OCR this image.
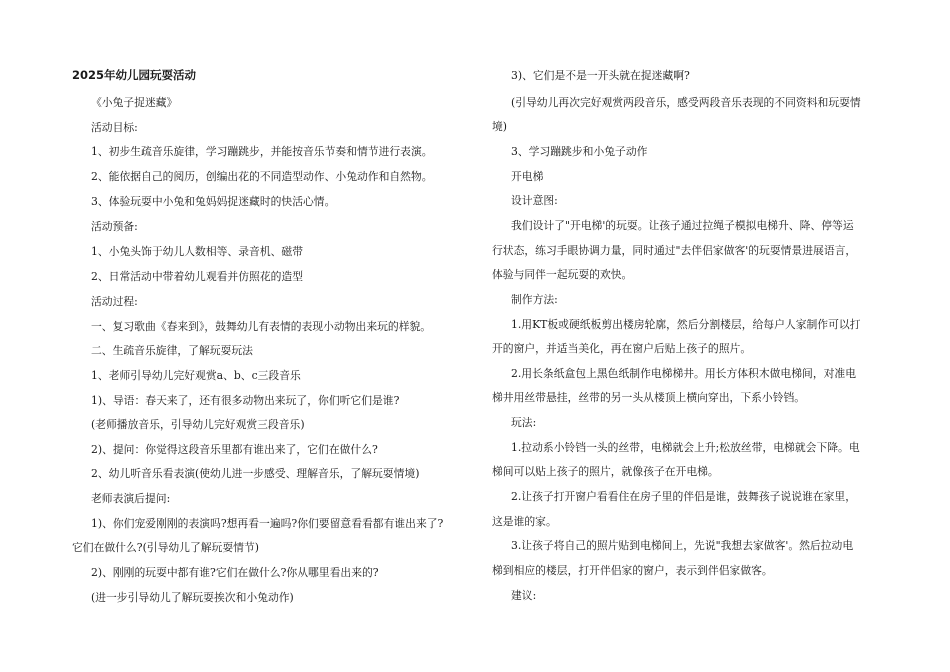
2025年幼儿园玩耍活动
《小兔子捉迷藏》
活动目标:
1、初步生疏音乐旋律，学习蹦跳步，并能按音乐节奏和情节进行表演。
2、能依据自己的阅历，创编出花的不同造型动作、小兔动作和自然物。
3、体验玩耍中小兔和兔妈妈捉迷藏时的快活心情。
活动预备:
1、小兔头饰于幼儿人数相等、录音机、磁带
2、日常活动中带着幼儿观看并仿照花的造型
活动过程:
一、复习歌曲《春来到》，鼓舞幼儿有表情的表现小动物出来玩的样貌。
二、生疏音乐旋律，了解玩耍玩法
1、老师引导幼儿完好观赏a、b、c三段音乐
1)、导语：春天来了，还有很多动物出来玩了，你们听它们是谁?
(老师播放音乐，引导幼儿完好观赏三段音乐)
2)、提问：你觉得这段音乐里都有谁出来了，它们在做什么?
2、幼儿听音乐看表演(使幼儿进一步感受、理解音乐，了解玩耍情境)
老师表演后提问:
1)、你们宠爱刚刚的表演吗?想再看一遍吗?你们要留意看看都有谁出来了?
它们在做什么?(引导幼儿了解玩耍情节)
2)、刚刚的玩耍中都有谁?它们在做什么?你从哪里看出来的?
(进一步引导幼儿了解玩耍挨次和小兔动作)
3)、它们是不是一开头就在捉迷藏啊?
(引导幼儿再次完好观赏两段音乐，感受两段音乐表现的不同资料和玩耍情
境)
3、学习蹦跳步和小兔子动作
开电梯
设计意图:
我们设计了"开电梯'的玩耍。让孩子通过拉绳子模拟电梯升、降、停等运
行状态，练习手眼协调力量，同时通过"去伴侣家做客'的玩耍情景进展语言，
体验与同伴一起玩耍的欢快。
制作方法:
1.用KT板或硬纸板剪出楼房轮廓，然后分割楼层，给每户人家制作可以打
开的窗户，并适当美化，再在窗户后贴上孩子的照片。
2.用长条纸盒包上黑色纸制作电梯梯井。用长方体积木做电梯间，对准电
梯井用丝带悬挂，丝带的另一头从楼顶上横向穿出，下系小铃铛。
玩法:
1.拉动系小铃铛一头的丝带，电梯就会上升;松放丝带，电梯就会下降。电
梯间可以贴上孩子的照片，就像孩子在开电梯。
2.让孩子打开窗户看看住在房子里的伴侣是谁，鼓舞孩子说说谁在家里，
这是谁的家。
3.让孩子将自己的照片贴到电梯间上，先说"我想去家做客'。然后拉动电
梯到相应的楼层，打开伴侣家的窗户，表示到伴侣家做客。
建议:
